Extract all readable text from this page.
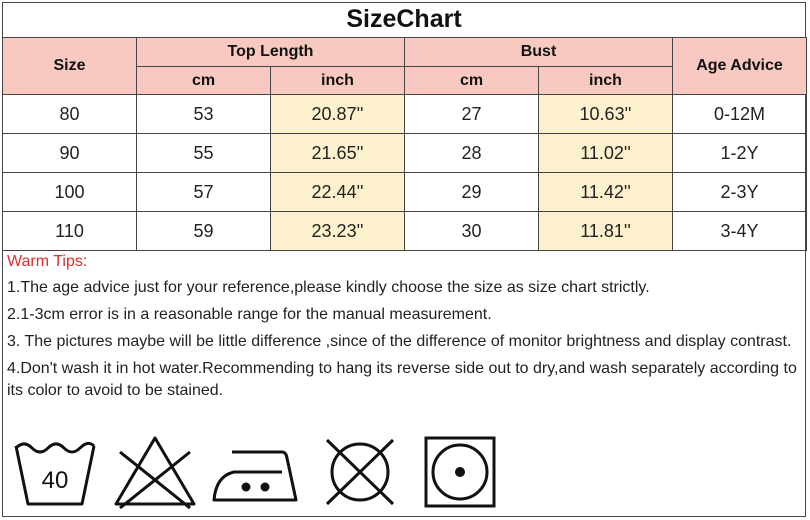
SizeChart
Size	Top Length		Bust		Age Advice
	cm	inch	cm	inch	
80	53	20.87''	27	10.63''	0-12M
90	55	21.65''	28	11.02''	1-2Y
100	57	22.44''	29	11.42''	2-3Y
110	59	23.23''	30	11.81''	3-4Y
Warm Tips:

1.The age advice just for your reference,please kindly choose the size as size chart strictly.

2.1-3cm error is in a reasonable range for the manual measurement.

3. The pictures maybe will be little difference ,since of the difference of monitor brightness and display contrast.

4.Don't wash it in hot water.Recommending to hang its reverse side out to dry,and wash separately according to its color to avoid to be stained.

40
